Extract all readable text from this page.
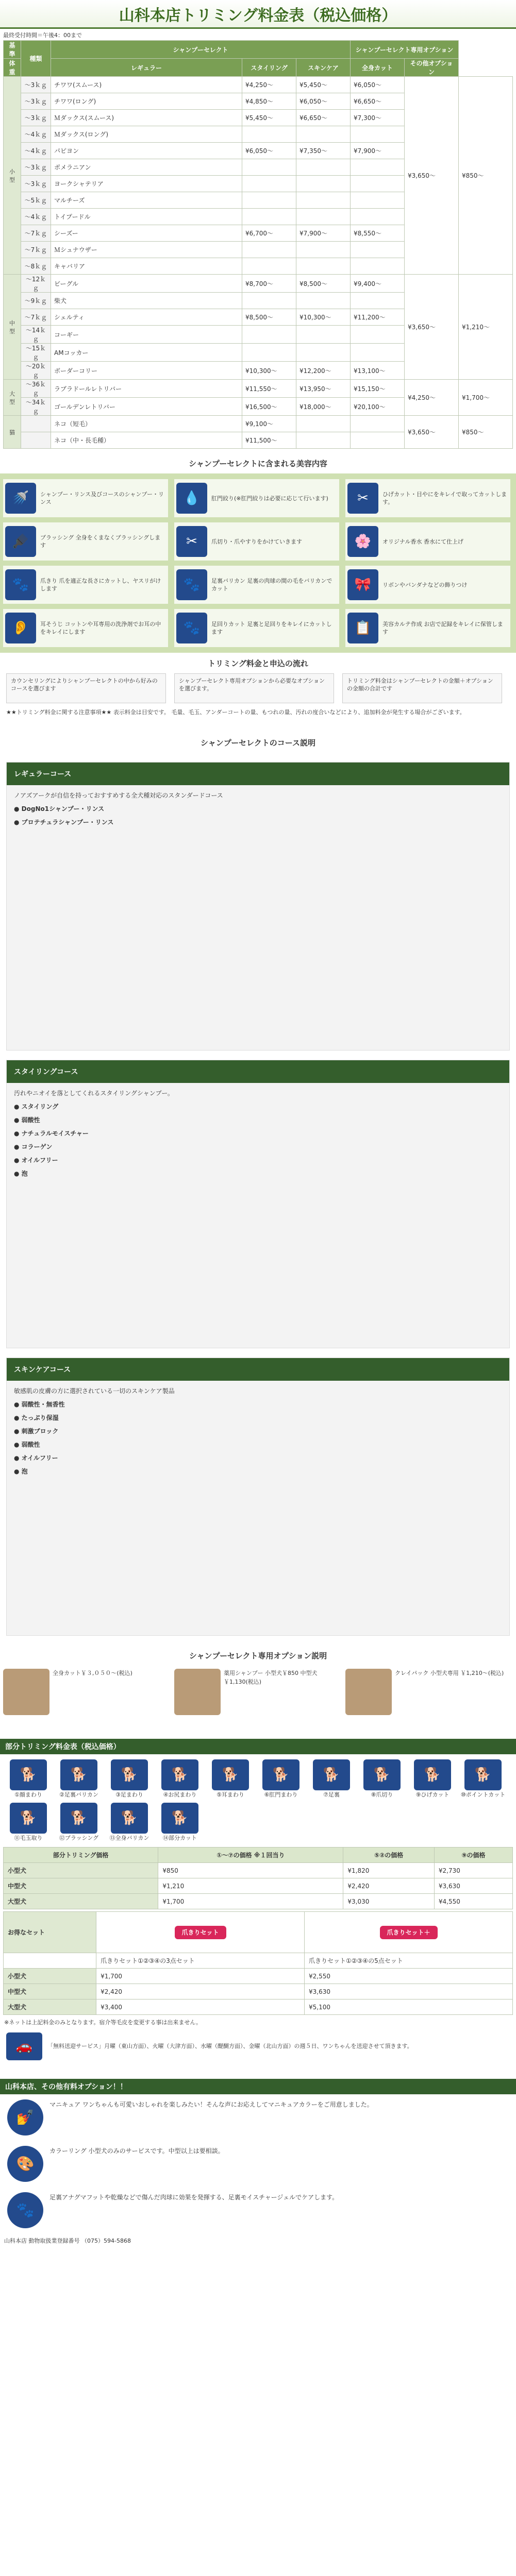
山科本店トリミング料金表（税込価格）
最終受付時間＝午後4：00まで
基準	種類	シャンプーセレクト			シャンプーセレクト専用オプション		
体重		レギュラー	スタイリング	スキンケア	全身カット	その他オプション	
小型	～3ｋｇ	チワワ(スムース)	¥4,250～	¥5,450～	¥6,050～	¥3,650～	¥850～
	～3ｋｇ	チワワ(ロング)	¥4,850～	¥6,050～	¥6,650～		
	～3ｋｇ	Ｍダックス(スムース)	¥5,450～	¥6,650～	¥7,300～		
	～4ｋｇ	Ｍダックス(ロング)					
	～4ｋｇ	パピヨン	¥6,050～	¥7,350～	¥7,900～		
	～3ｋｇ	ポメラニアン					
	～3ｋｇ	ヨークシャテリア					
	～5ｋｇ	マルチーズ					
	～4ｋｇ	トイプードル					
	～7ｋｇ	シーズー	¥6,700～	¥7,900～	¥8,550～		
	～7ｋｇ	Ｍシュナウザー					
	～8ｋｇ	キャバリア					
中型	～12ｋｇ	ビーグル	¥8,700～	¥8,500～	¥9,400～	¥3,650～	¥1,210～
	～9ｋｇ	柴犬					
	～7ｋｇ	シェルティ	¥8,500～	¥10,300～	¥11,200～		
	～14ｋｇ	コーギー					
	～15ｋｇ	AMコッカー					
	～20ｋｇ	ボーダーコリー	¥10,300～	¥12,200～	¥13,100～		
大型	～36ｋｇ	ラブラドールレトリバー	¥11,550～	¥13,950～	¥15,150～	¥4,250～	¥1,700～
	～34ｋｇ	ゴールデンレトリバー	¥16,500～	¥18,000～	¥20,100～		
猫		ネコ（短毛）	¥9,100～			¥3,650～	¥850～
		ネコ（中・長毛種）	¥11,500～				
シャンプーセレクトに含まれる美容内容
🚿	シャンプー・リンス及びコースのシャンプー・リンス	💧	肛門絞り(※肛門絞りは必要に応じて行います)	✂	ひげカット・目やにをキレイで取ってカットします。
🪮	ブラッシング 全身をくまなくブラッシングします	✂	爪切り・爪やすりをかけていきます	🌸	オリジナル香水 香水にて仕上げ
🐾	爪きり 爪を適正な長さにカットし、ヤスリがけします	🐾	足裏バリカン 足裏の肉球の間の毛をバリカンでカット	🎀	リボンやバンダナなどの飾りつけ
👂	耳そうじ コットンや耳専用の洗浄剤でお耳の中をキレイにします	🐾	足回りカット 足裏と足回りをキレイにカットします	📋	美容カルテ作成 お店で記録をキレイに保管します
トリミング料金と申込の流れ
カウンセリングによりシャンプーセレクトの中から好みのコースを選びます
シャンプーセレクト専用オプションから必要なオプションを選びます。
トリミング料金はシャンプーセレクトの金額＋オプションの金額の合計です
★★トリミング料金に関する注意事項★★ 表示料金は目安です。 毛量、毛玉、アンダーコートの量、もつれの量、汚れの度合いなどにより、追加料金が発生する場合がございます。
シャンプーセレクトのコース説明
レギュラーコース
ノアズアークが自信を持っておすすめする全犬種対応のスタンダードコース
● DogNo1シャンプー・リンス
● プロテチュラシャンプー・リンス
スタイリングコース
汚れやニオイを落としてくれるスタイリングシャンプー。
● スタイリング
● 弱酸性
● ナチュラルモイスチャー
● コラーゲン
● オイルフリー
● 泡
スキンケアコース
敏感肌の皮膚の方に選択されている一切のスキンケア製品
● 弱酸性・無香性
● たっぷり保湿
● 刺激ブロック
● 弱酸性
● オイルフリー
● 泡
シャンプーセレクト専用オプション説明
全身カット￥３,０５０～(税込)	薬用シャンプー 小型犬￥850 中型犬￥1,130(税込)
クレイパック 小型犬専用 ￥1,210～(税込)
部分トリミング料金表（税込価格）
🐕
①顔まわり
🐕
②足裏バリカン
🐕
③足まわり
🐕
④お尻まわり
🐕
⑤耳まわり
🐕
⑥肛門まわり
🐕
⑦足裏
🐕
⑧爪切り
🐕
⑨ひげカット
🐕
⑩ポイントカット
🐕
⑪毛玉取り
🐕
⑫ブラッシング
🐕
⑬全身バリカン
🐕
⑭部分カット
部分トリミング価格	①～⑦の価格 ※１回当り	⑤②の価格	⑨の価格
小型犬	¥850	¥1,820	¥2,730
中型犬	¥1,210	¥2,420	¥3,630
大型犬	¥1,700	¥3,030	¥4,550
お得なセット	爪きりセット	爪きりセット＋
	爪きりセット①②③④の3点セット	爪きりセット①②③④の5点セット
小型犬	¥1,700	¥2,550
中型犬	¥2,420	¥3,630
大型犬	¥3,400	¥5,100
※ネットは上記料金のみとなります。宿介等毛皮を変更する事は出来ません。
🚗	「無料送迎サービス」月曜（東山方面）、火曜（大津方面）、水曜（醍醐方面）、金曜（北山方面）の週５日、ワンちゃんを送迎させて頂きます。
山科本店、その他有料オプション！！
💅
マニキュア ワンちゃんも可愛いおしゃれを楽しみたい！そんな声にお応えしてマニキュアカラーをご用意しました。
🎨
カラーリング 小型犬のみのサービスです。中型以上は要相談。
🐾
足裏アナグマフットや乾燥などで傷んだ肉球に効果を発揮する、足裏モイスチャージェルでケアします。
山科本店 動物取扱業登録番号 （075）594-5868
